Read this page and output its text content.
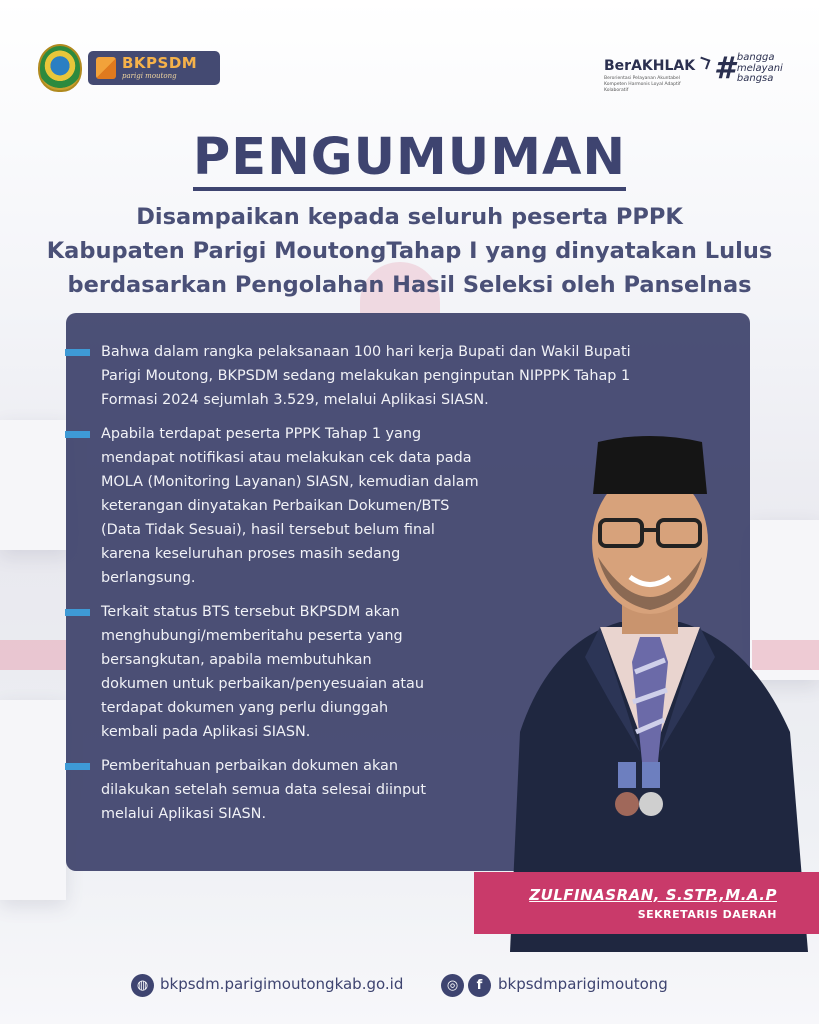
BKPSDM
parigi moutong
BerAKHLAK
Berorientasi Pelayanan Akuntabel Kompeten Harmonis Loyal Adaptif Kolaboratif
# bangga
melayani
bangsa
PENGUMUMAN
Disampaikan kepada seluruh peserta PPPK
Kabupaten Parigi MoutongTahap I yang dinyatakan Lulus
berdasarkan Pengolahan Hasil Seleksi oleh Panselnas
Bahwa dalam rangka pelaksanaan 100 hari kerja Bupati dan Wakil Bupati
Parigi Moutong, BKPSDM sedang melakukan penginputan NIPPPK Tahap 1
Formasi 2024 sejumlah 3.529, melalui Aplikasi SIASN.
Apabila terdapat peserta PPPK Tahap 1 yang
mendapat notifikasi atau melakukan cek data pada
MOLA (Monitoring Layanan) SIASN, kemudian dalam
keterangan dinyatakan Perbaikan Dokumen/BTS
(Data Tidak Sesuai), hasil tersebut belum final
karena keseluruhan proses masih sedang
berlangsung.
Terkait status BTS tersebut BKPSDM akan
menghubungi/memberitahu peserta yang
bersangkutan, apabila membutuhkan
dokumen untuk perbaikan/penyesuaian atau
terdapat dokumen yang perlu diunggah
kembali pada Aplikasi SIASN.
Pemberitahuan perbaikan dokumen akan
dilakukan setelah semua data selesai diinput
melalui Aplikasi SIASN.
ZULFINASRAN, S.STP.,M.A.P
SEKRETARIS DAERAH
◍ bkpsdm.parigimoutongkab.go.id	◎	f	bkpsdmparigimoutong
